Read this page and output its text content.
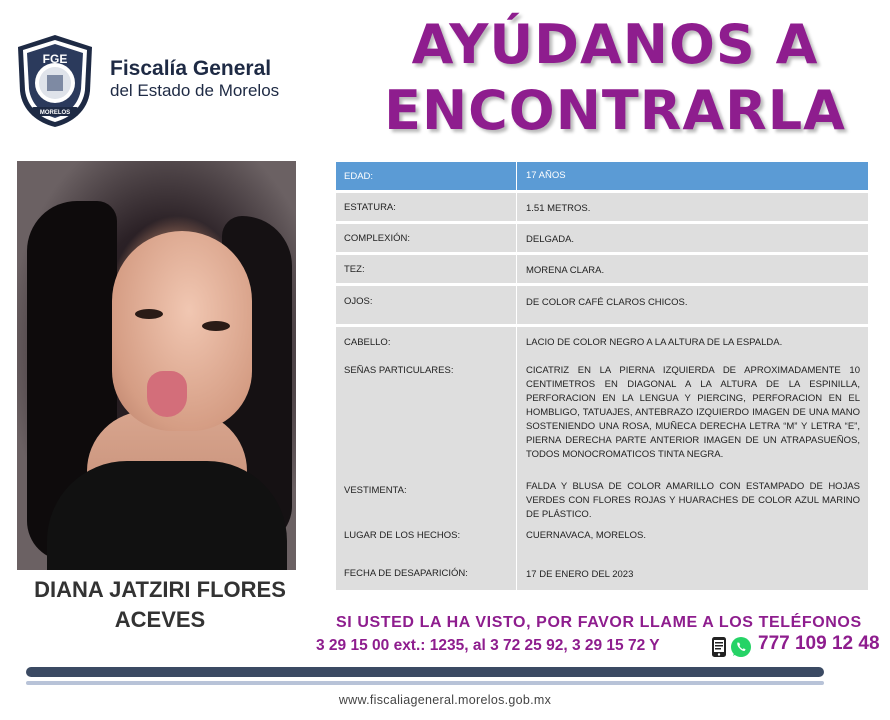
FGE
MORELOS
Fiscalía General
del Estado de Morelos
AYÚDANOS A
ENCONTRARLA
DIANA JATZIRI FLORES
ACEVES
EDAD:	17 AÑOS
ESTATURA:	1.51 METROS.
COMPLEXIÓN:	DELGADA.
TEZ:	MORENA CLARA.
OJOS:	DE COLOR CAFÉ CLAROS CHICOS.
CABELLO:	LACIO DE COLOR NEGRO A LA ALTURA DE LA ESPALDA.
SEÑAS PARTICULARES:	CICATRIZ EN LA PIERNA IZQUIERDA DE APROXIMADAMENTE 10 CENTIMETROS EN DIAGONAL A LA ALTURA DE LA ESPINILLA, PERFORACION EN LA LENGUA Y PIERCING, PERFORACION EN EL HOMBLIGO, TATUAJES, ANTEBRAZO IZQUIERDO IMAGEN DE UNA MANO SOSTENIENDO UNA ROSA, MUÑECA DERECHA LETRA “M” Y LETRA “E”, PIERNA DERECHA PARTE ANTERIOR IMAGEN DE UN ATRAPASUEÑOS, TODOS MONOCROMATICOS TINTA NEGRA.
VESTIMENTA:	FALDA Y BLUSA DE COLOR AMARILLO CON ESTAMPADO DE HOJAS VERDES CON FLORES ROJAS Y HUARACHES DE COLOR AZUL MARINO DE PLÁSTICO.
LUGAR DE LOS HECHOS:	CUERNAVACA, MORELOS.
FECHA DE DESAPARICIÓN:	17 DE ENERO DEL 2023
SI USTED LA HA VISTO, POR FAVOR LLAME A LOS TELÉFONOS
3 29 15 00 ext.: 1235, al 3 72 25 92, 3 29 15 72 Y	777 109 12 48
www.fiscaliageneral.morelos.gob.mx
